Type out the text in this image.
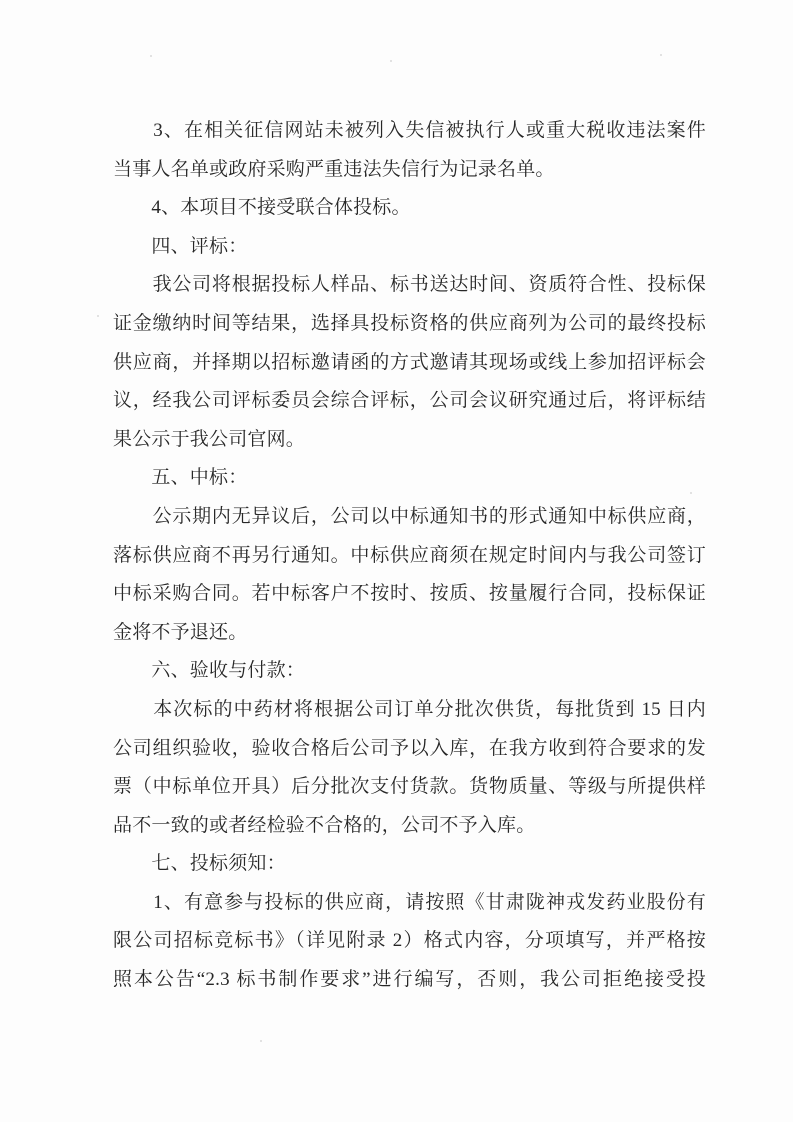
　　3、在相关征信网站未被列入失信被执行人或重大税收违法案件
当事人名单或政府采购严重违法失信行为记录名单。
　　4、本项目不接受联合体投标。
　　四、评标：
　　我公司将根据投标人样品、标书送达时间、资质符合性、投标保
证金缴纳时间等结果，选择具投标资格的供应商列为公司的最终投标
供应商，并择期以招标邀请函的方式邀请其现场或线上参加招评标会
议，经我公司评标委员会综合评标，公司会议研究通过后，将评标结
果公示于我公司官网。
　　五、中标：
　　公示期内无异议后，公司以中标通知书的形式通知中标供应商，
落标供应商不再另行通知。中标供应商须在规定时间内与我公司签订
中标采购合同。若中标客户不按时、按质、按量履行合同，投标保证
金将不予退还。
　　六、验收与付款：
　　本次标的中药材将根据公司订单分批次供货，每批货到 15 日内
公司组织验收，验收合格后公司予以入库，在我方收到符合要求的发
票（中标单位开具）后分批次支付货款。货物质量、等级与所提供样
品不一致的或者经检验不合格的，公司不予入库。
　　七、投标须知：
　　1、有意参与投标的供应商，请按照《甘肃陇神戎发药业股份有
限公司招标竞标书》（详见附录 2）格式内容，分项填写，并严格按
照本公告“2.3 标书制作要求”进行编写，否则，我公司拒绝接受投
